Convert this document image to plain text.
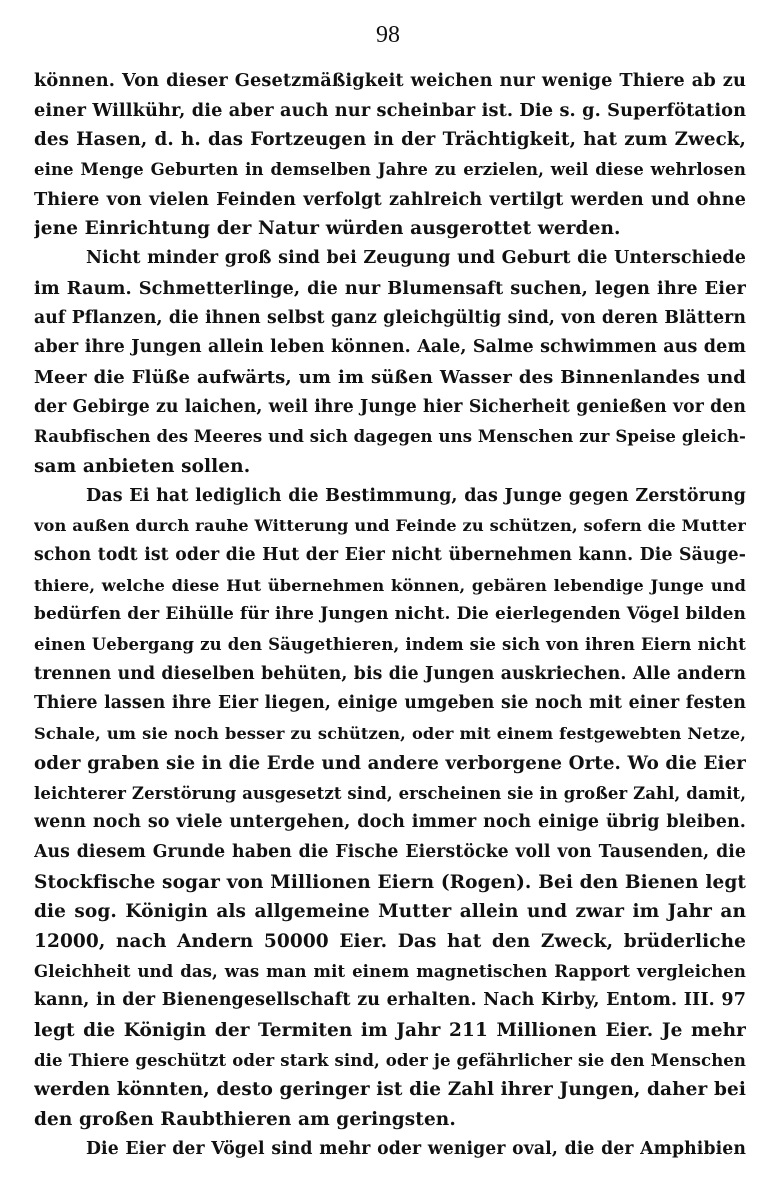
98
können. Von dieser Gesetzmäßigkeit weichen nur wenige Thiere ab zu
einer Willkühr, die aber auch nur scheinbar ist. Die s. g. Superfötation
des Hasen, d. h. das Fortzeugen in der Trächtigkeit, hat zum Zweck,
eine Menge Geburten in demselben Jahre zu erzielen, weil diese wehrlosen
Thiere von vielen Feinden verfolgt zahlreich vertilgt werden und ohne
jene Einrichtung der Natur würden ausgerottet werden.
Nicht minder groß sind bei Zeugung und Geburt die Unterschiede
im Raum. Schmetterlinge, die nur Blumensaft suchen, legen ihre Eier
auf Pflanzen, die ihnen selbst ganz gleichgültig sind, von deren Blättern
aber ihre Jungen allein leben können. Aale, Salme schwimmen aus dem
Meer die Flüße aufwärts, um im süßen Wasser des Binnenlandes und
der Gebirge zu laichen, weil ihre Junge hier Sicherheit genießen vor den
Raubfischen des Meeres und sich dagegen uns Menschen zur Speise gleich-
sam anbieten sollen.
Das Ei hat lediglich die Bestimmung, das Junge gegen Zerstörung
von außen durch rauhe Witterung und Feinde zu schützen, sofern die Mutter
schon todt ist oder die Hut der Eier nicht übernehmen kann. Die Säuge-
thiere, welche diese Hut übernehmen können, gebären lebendige Junge und
bedürfen der Eihülle für ihre Jungen nicht. Die eierlegenden Vögel bilden
einen Uebergang zu den Säugethieren, indem sie sich von ihren Eiern nicht
trennen und dieselben behüten, bis die Jungen auskriechen. Alle andern
Thiere lassen ihre Eier liegen, einige umgeben sie noch mit einer festen
Schale, um sie noch besser zu schützen, oder mit einem festgewebten Netze,
oder graben sie in die Erde und andere verborgene Orte. Wo die Eier
leichterer Zerstörung ausgesetzt sind, erscheinen sie in großer Zahl, damit,
wenn noch so viele untergehen, doch immer noch einige übrig bleiben.
Aus diesem Grunde haben die Fische Eierstöcke voll von Tausenden, die
Stockfische sogar von Millionen Eiern (Rogen). Bei den Bienen legt
die sog. Königin als allgemeine Mutter allein und zwar im Jahr an
12000, nach Andern 50000 Eier. Das hat den Zweck, brüderliche
Gleichheit und das, was man mit einem magnetischen Rapport vergleichen
kann, in der Bienengesellschaft zu erhalten. Nach Kirby, Entom. III. 97
legt die Königin der Termiten im Jahr 211 Millionen Eier. Je mehr
die Thiere geschützt oder stark sind, oder je gefährlicher sie den Menschen
werden könnten, desto geringer ist die Zahl ihrer Jungen, daher bei
den großen Raubthieren am geringsten.
Die Eier der Vögel sind mehr oder weniger oval, die der Amphibien
